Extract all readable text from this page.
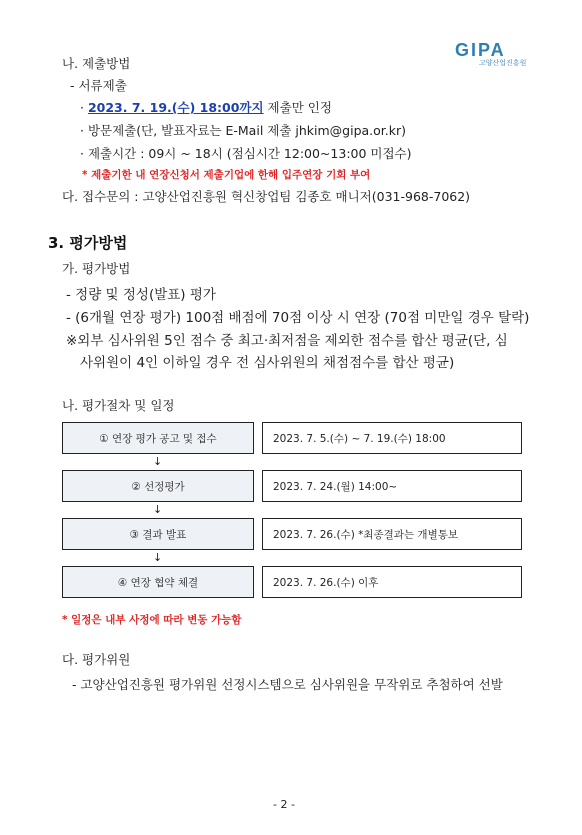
GIPA
고양산업진흥원
나. 제출방법
- 서류제출
· 2023. 7. 19.(수) 18:00까지 제출만 인정
· 방문제출(단, 발표자료는 E-Mail 제출 jhkim@gipa.or.kr)
· 제출시간 : 09시 ~ 18시 (점심시간 12:00~13:00 미접수)
* 제출기한 내 연장신청서 제출기업에 한해 입주연장 기회 부여
다. 접수문의 : 고양산업진흥원 혁신창업팀 김종호 매니저(031-968-7062)
3. 평가방법
가. 평가방법
- 정량 및 정성(발표) 평가
- (6개월 연장 평가) 100점 배점에 70점 이상 시 연장 (70점 미만일 경우 탈락)
※외부 심사위원 5인 점수 중 최고·최저점을 제외한 점수를 합산 평균(단, 심
사위원이 4인 이하일 경우 전 심사위원의 채점점수를 합산 평균)
나. 평가절차 및 일정
① 연장 평가 공고 및 접수	2023. 7. 5.(수) ~ 7. 19.(수) 18:00
↓
② 선정평가	2023. 7. 24.(월) 14:00~
↓
③ 결과 발표	2023. 7. 26.(수) *최종결과는 개별통보
↓
④ 연장 협약 체결	2023. 7. 26.(수) 이후
* 일정은 내부 사정에 따라 변동 가능함
다. 평가위원
- 고양산업진흥원 평가위원 선정시스템으로 심사위원을 무작위로 추첨하여 선발
- 2 -
